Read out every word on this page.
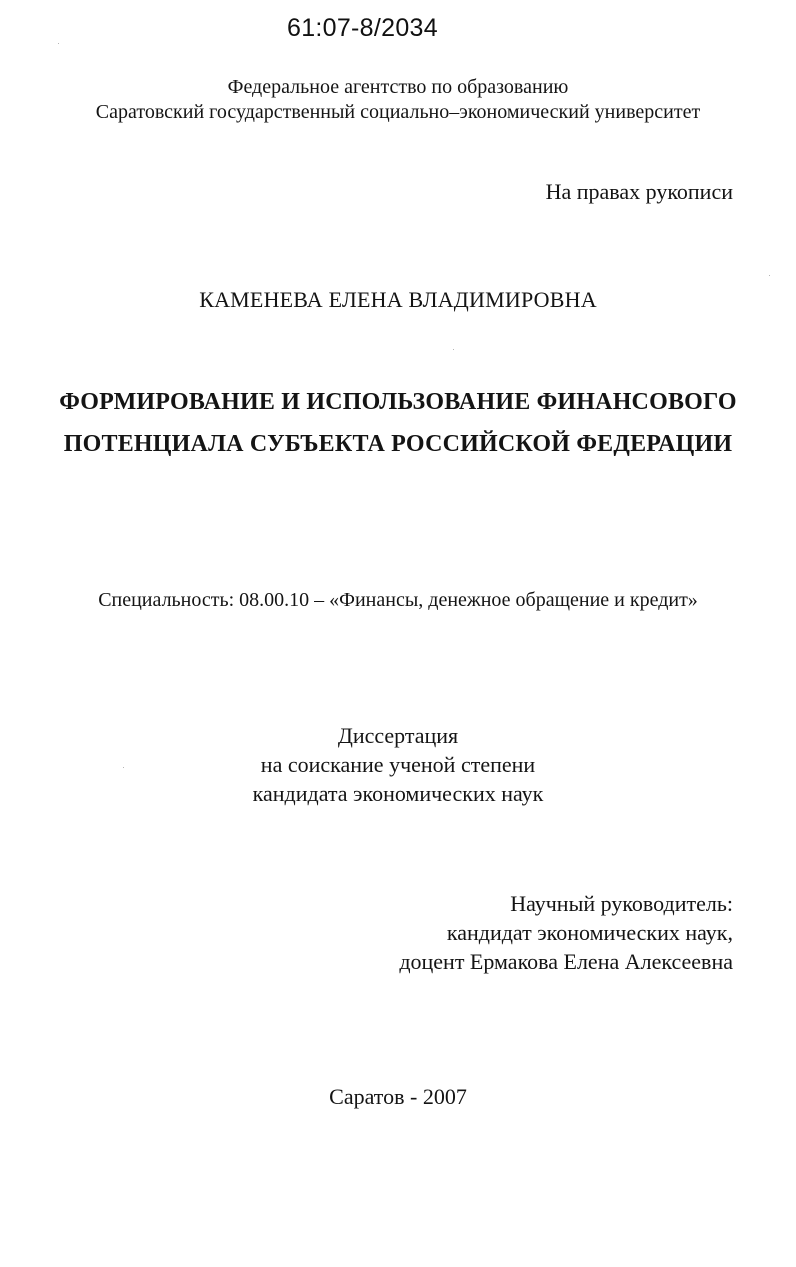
61:07-8/2034
Федеральное агентство по образованию
Саратовский государственный социально–экономический университет
На правах рукописи
КАМЕНЕВА ЕЛЕНА ВЛАДИМИРОВНА
ФОРМИРОВАНИЕ И ИСПОЛЬЗОВАНИЕ ФИНАНСОВОГО
ПОТЕНЦИАЛА СУБЪЕКТА РОССИЙСКОЙ ФЕДЕРАЦИИ
Специальность: 08.00.10 – «Финансы, денежное обращение и кредит»
Диссертация
на соискание ученой степени
кандидата экономических наук
Научный руководитель:
кандидат экономических наук,
доцент Ермакова Елена Алексеевна
Саратов - 2007
